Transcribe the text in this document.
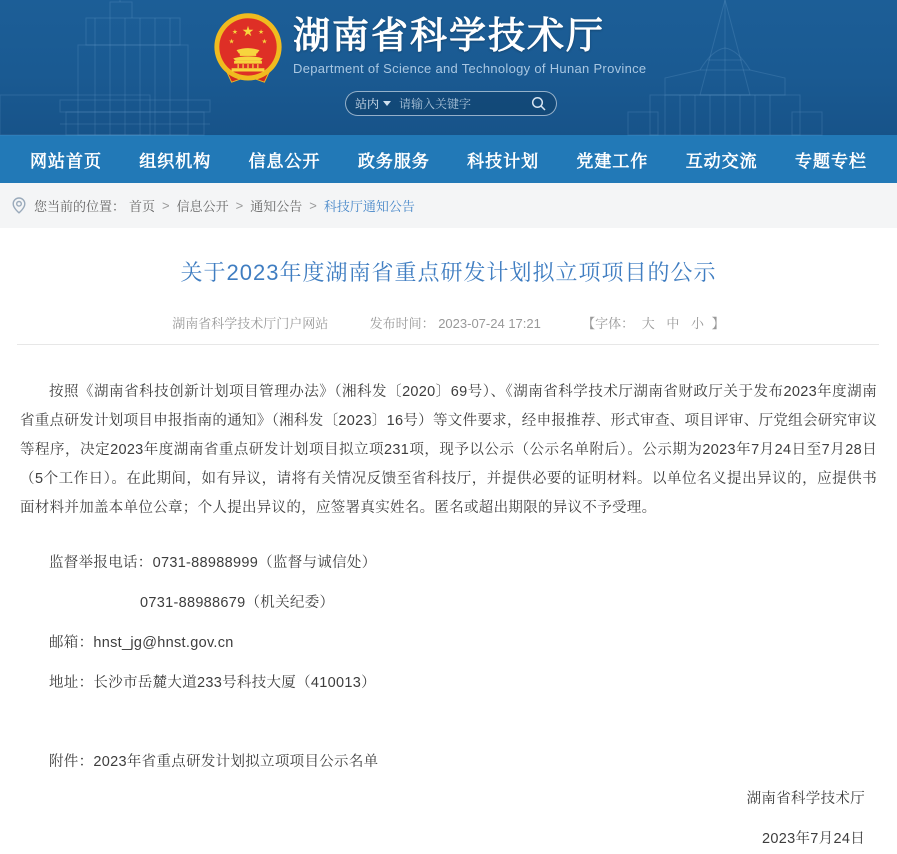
★
★	★
★	★ 湖南省科学技术厅
Department of Science and Technology of Hunan Province
站内
请输入关键字
网站首页	组织机构	信息公开	政务服务	科技计划	党建工作	互动交流	专题专栏
您当前的位置： 首页 > 信息公开 > 通知公告 > 科技厅通知公告
关于2023年度湖南省重点研发计划拟立项项目的公示
湖南省科学技术厅门户网站	发布时间： 2023-07-24 17:21	【字体： 大 中 小 】

按照《湖南省科技创新计划项目管理办法》（湘科发〔2020〕69号）、《湖南省科学技术厅湖南省财政厅关于发布2023年度湖南省重点研发计划项目申报指南的通知》（湘科发〔2023〕16号）等文件要求，经申报推荐、形式审查、项目评审、厅党组会研究审议等程序，决定2023年度湖南省重点研发计划项目拟立项231项，现予以公示（公示名单附后）。公示期为2023年7月24日至7月28日（5个工作日）。在此期间，如有异议，请将有关情况反馈至省科技厅，并提供必要的证明材料。以单位名义提出异议的，应提供书面材料并加盖本单位公章；个人提出异议的，应签署真实姓名。匿名或超出期限的异议不予受理。

监督举报电话：0731-88988999（监督与诚信处）

0731-88988679（机关纪委）

邮箱：hnst_jg@hnst.gov.cn

地址：长沙市岳麓大道233号科技大厦（410013）

附件：2023年省重点研发计划拟立项项目公示名单

湖南省科学技术厅

2023年7月24日
